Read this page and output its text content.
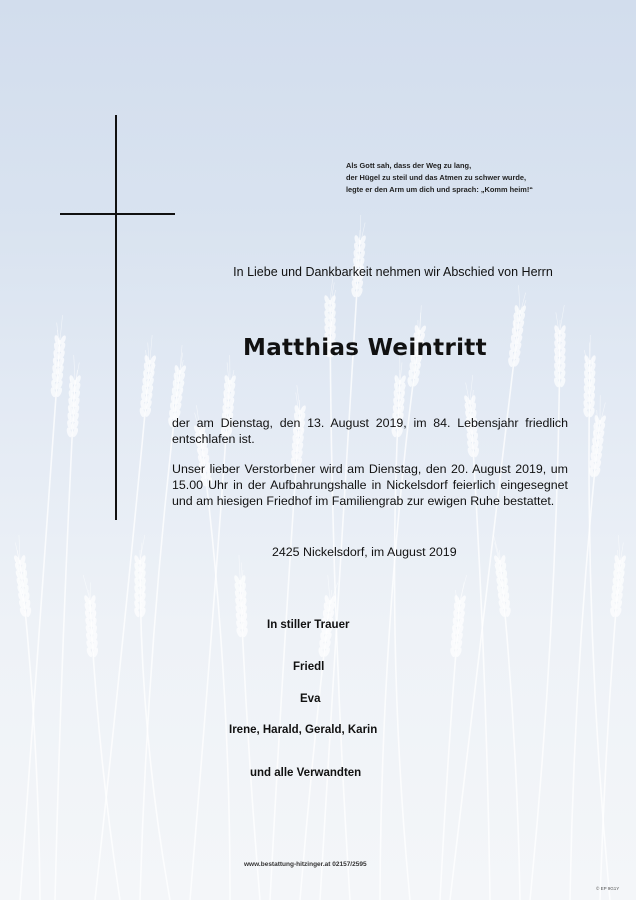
Als Gott sah, dass der Weg zu lang,
der Hügel zu steil und das Atmen zu schwer wurde,
legte er den Arm um dich und sprach: „Komm heim!“
In Liebe und Dankbarkeit nehmen wir Abschied von Herrn
Matthias Weintritt
der am Dienstag, den 13. August 2019, im 84. Lebensjahr friedlich entschlafen ist.
Unser lieber Verstorbener wird am Dienstag, den 20. August 2019, um 15.00 Uhr in der Aufbahrungshalle in Nickelsdorf feierlich eingesegnet und am hiesigen Friedhof im Familiengrab zur ewigen Ruhe bestattet.
2425 Nickelsdorf, im August 2019
In stiller Trauer
Friedl
Eva
Irene, Harald, Gerald, Karin
und alle Verwandten
www.bestattung-hitzinger.at 02157/2595
© EP 9G1Y
